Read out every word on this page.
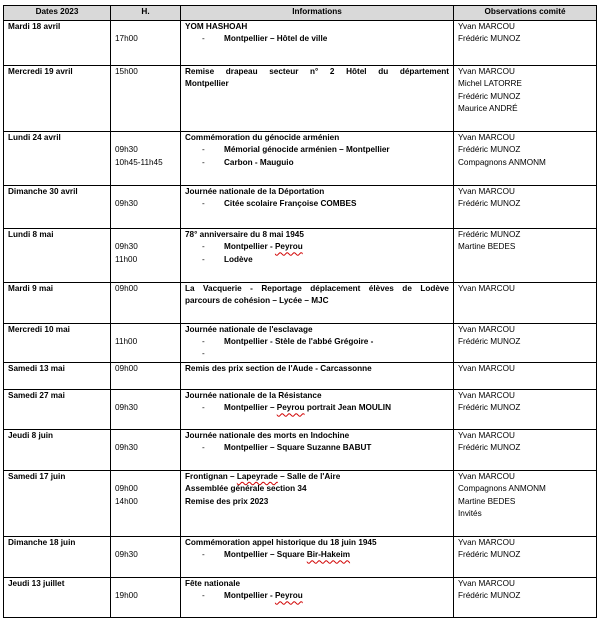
Dates 2023	H.	Informations	Observations comité
Mardi 18 avril	17h00	YOM HASHOAH
- Montpellier – Hôtel de ville	Yvan MARCOU
Frédéric MUNOZ

Mercredi 19 avril	15h00	Remise drapeau secteur n° 2 Hôtel du département
Montpellier	Yvan MARCOU
Michel LATORRE
Frédéric MUNOZ
Maurice ANDRÉ

Lundi 24 avril	09h30
10h45-11h45	Commémoration du génocide arménien
- Mémorial génocide arménien – Montpellier
- Carbon - Mauguio	Yvan MARCOU
Frédéric MUNOZ
Compagnons ANMONM

Dimanche 30 avril	09h30	Journée nationale de la Déportation
- Citée scolaire Françoise COMBES	Yvan MARCOU
Frédéric MUNOZ

Lundi 8 mai	09h30
11h00	78° anniversaire du 8 mai 1945
- Montpellier - Peyrou
- Lodève	Frédéric MUNOZ
Martine BEDES

Mardi 9 mai	09h00	La Vacquerie - Reportage déplacement élèves de Lodève
parcours de cohésion – Lycée – MJC	Yvan MARCOU

Mercredi 10 mai	11h00	Journée nationale de l'esclavage
- Montpellier - Stèle de l'abbé Grégoire -
-	Yvan MARCOU
Frédéric MUNOZ

Samedi 13 mai	09h00	Remis des prix section de l'Aude - Carcassonne	Yvan MARCOU

Samedi 27 mai	09h30	Journée nationale de la Résistance
- Montpellier – Peyrou portrait Jean MOULIN	Yvan MARCOU
Frédéric MUNOZ

Jeudi 8 juin	09h30	Journée nationale des morts en Indochine
- Montpellier – Square Suzanne BABUT	Yvan MARCOU
Frédéric MUNOZ

Samedi 17 juin	09h00
14h00	Frontignan – Lapeyrade – Salle de l'Aire
Assemblée générale section 34
Remise des prix 2023	Yvan MARCOU
Compagnons ANMONM
Martine BEDES
Invités

Dimanche 18 juin	09h30	Commémoration appel historique du 18 juin 1945
- Montpellier – Square Bir-Hakeim	Yvan MARCOU
Frédéric MUNOZ

Jeudi 13 juillet	19h00	Fête nationale
- Montpellier - Peyrou	Yvan MARCOU
Frédéric MUNOZ
